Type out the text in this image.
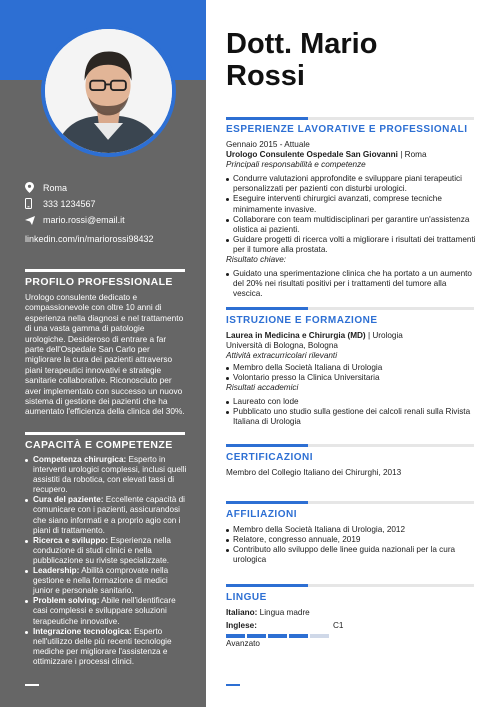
Roma
333 1234567
mario.rossi@email.it
linkedin.com/in/mariorossi98432
PROFILO PROFESSIONALE
Urologo consulente dedicato e compassionevole con oltre 10 anni di esperienza nella diagnosi e nel trattamento di una vasta gamma di patologie urologiche. Desideroso di entrare a far parte dell'Ospedale San Carlo per migliorare la cura dei pazienti attraverso piani terapeutici innovativi e strategie sanitarie collaborative. Riconosciuto per aver implementato con successo un nuovo sistema di gestione dei pazienti che ha aumentato l'efficienza della clinica del 30%.
CAPACITÀ E COMPETENZE
Competenza chirurgica: Esperto in interventi urologici complessi, inclusi quelli assistiti da robotica, con elevati tassi di recupero.
Cura del paziente: Eccellente capacità di comunicare con i pazienti, assicurandosi che siano informati e a proprio agio con i piani di trattamento.
Ricerca e sviluppo: Esperienza nella conduzione di studi clinici e nella pubblicazione su riviste specializzate.
Leadership: Abilità comprovate nella gestione e nella formazione di medici junior e personale sanitario.
Problem solving: Abile nell'identificare casi complessi e sviluppare soluzioni terapeutiche innovative.
Integrazione tecnologica: Esperto nell'utilizzo delle più recenti tecnologie mediche per migliorare l'assistenza e ottimizzare i processi clinici.
Dott. Mario
Rossi
ESPERIENZE LAVORATIVE E PROFESSIONALI
Gennaio 2015 - Attuale
Urologo Consulente Ospedale San Giovanni | Roma
Principali responsabilità e competenze
Condurre valutazioni approfondite e sviluppare piani terapeutici personalizzati per pazienti con disturbi urologici.
Eseguire interventi chirurgici avanzati, comprese tecniche minimamente invasive.
Collaborare con team multidisciplinari per garantire un'assistenza olistica ai pazienti.
Guidare progetti di ricerca volti a migliorare i risultati dei trattamenti per il tumore alla prostata.
Risultato chiave:
Guidato una sperimentazione clinica che ha portato a un aumento del 20% nei risultati positivi per i trattamenti del tumore alla vescica.
ISTRUZIONE E FORMAZIONE
Laurea in Medicina e Chirurgia (MD) | Urologia
Università di Bologna, Bologna
Attività extracurricolari rilevanti
Membro della Società Italiana di Urologia
Volontario presso la Clinica Universitaria
Risultati accademici
Laureato con lode
Pubblicato uno studio sulla gestione dei calcoli renali sulla Rivista Italiana di Urologia
CERTIFICAZIONI
Membro del Collegio Italiano dei Chirurghi, 2013
AFFILIAZIONI
Membro della Società Italiana di Urologia, 2012
Relatore, congresso annuale, 2019
Contributo allo sviluppo delle linee guida nazionali per la cura urologica
LINGUE
Italiano: Lingua madre
Inglese:	C1
Avanzato
